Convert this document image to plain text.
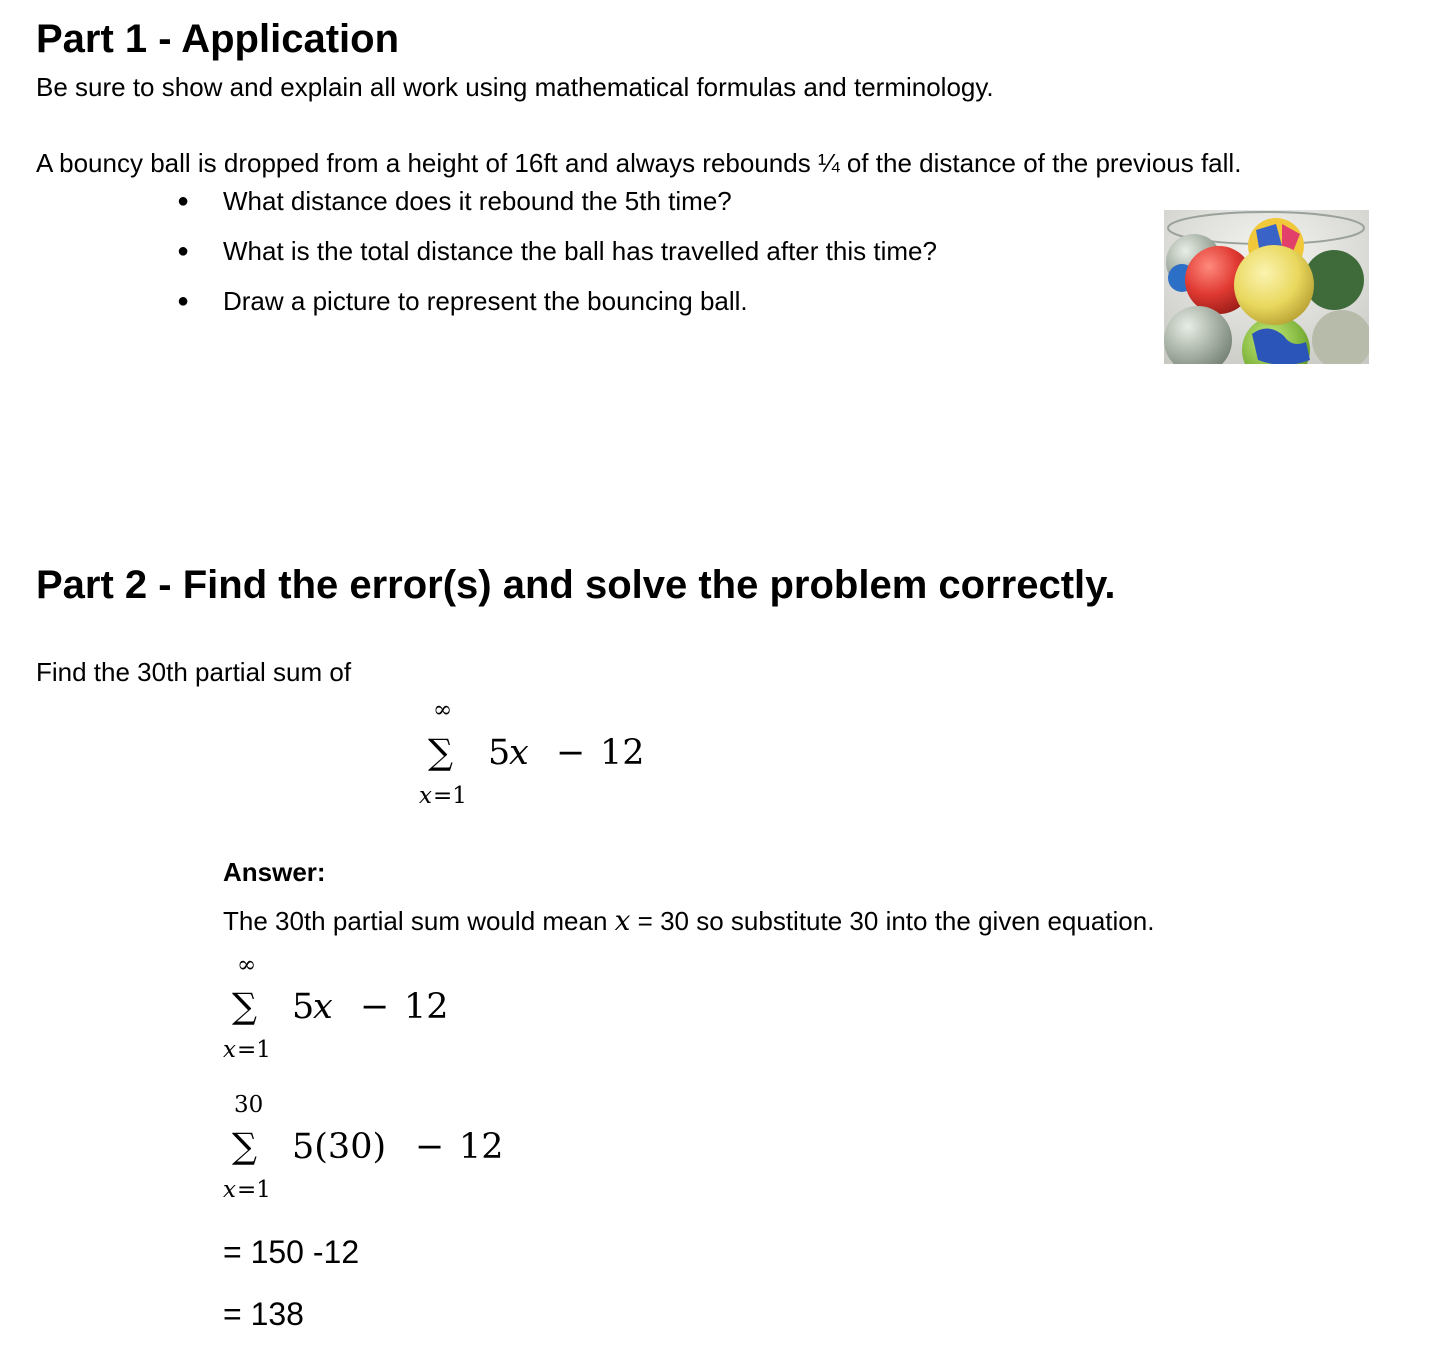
Part 1 - Application
Be sure to show and explain all work using mathematical formulas and terminology.
A bouncy ball is dropped from a height of 16ft and always rebounds ¼ of the distance of the previous fall.
● What distance does it rebound the 5th time?
● What is the total distance the ball has travelled after this time?
● Draw a picture to represent the bouncing ball.
Part 2 - Find the error(s) and solve the problem correctly.
Find the 30th partial sum of
∞
∑ 5
x − 12
x =1
Answer:
The 30th partial sum would mean x = 30 so substitute 30 into the given equation.
∞
∑ 5
x − 12
x =1
30
∑ 5(30) − 12
x =1
= 150 -12
= 138
